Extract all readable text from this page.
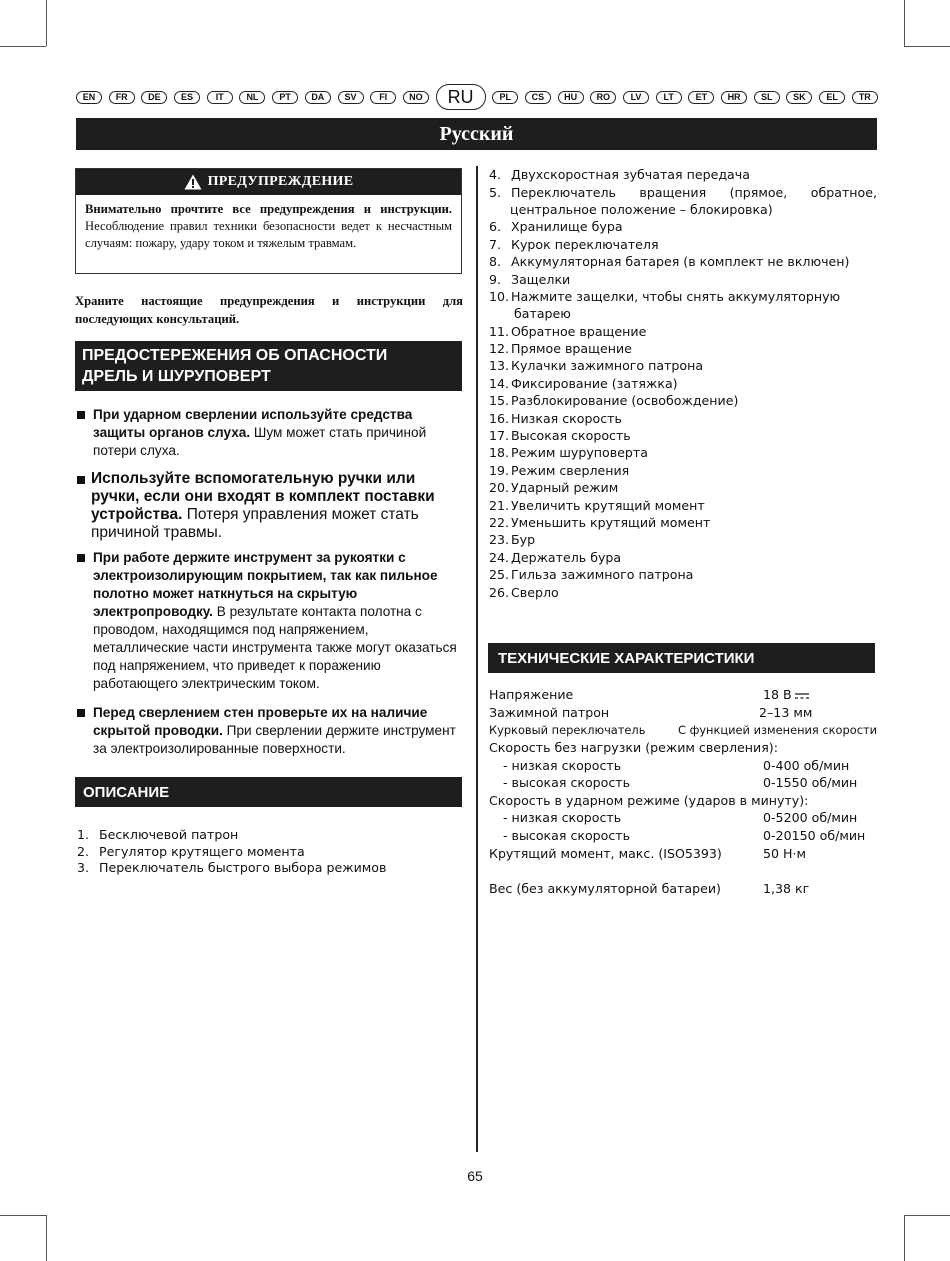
EN	FR	DE	ES	IT	NL	PT	DA	SV	FI	NO	RU	PL	CS	HU	RO	LV	LT	ET	HR	SL	SK	EL	TR
Русский
ПРЕДУПРЕЖДЕНИЕ
Внимательно прочтите все предупреждения и инструкции. Несоблюдение правил техники безопасности ведет к несчастным случаям: пожару, удару током и тяжелым травмам.
Храните настоящие предупреждения и инструкции для последующих консультаций.
ПРЕДОСТЕРЕЖЕНИЯ ОБ ОПАСНОСТИ
ДРЕЛЬ И ШУРУПОВЕРТ
При ударном сверлении используйте средства защиты органов слуха. Шум может стать причиной потери слуха.
Используйте вспомогательную ручки или ручки, если они входят в комплект поставки устройства. Потеря управления может стать причиной травмы.
При работе держите инструмент за рукоятки с электроизолирующим покрытием, так как пильное полотно может наткнуться на скрытую электропроводку. В результате контакта полотна с проводом, находящимся под напряжением, металлические части инструмента также могут оказаться под напряжением, что приведет к поражению работающего электрическим током.
Перед сверлением стен проверьте их на наличие скрытой проводки. При сверлении держите инструмент за электроизолированные поверхности.
ОПИСАНИЕ
1. Бесключевой патрон
2. Регулятор крутящего момента
3. Переключатель быстрого выбора режимов
4. Двухскоростная зубчатая передача
5. Переключатель вращения (прямое, обратное,
центральное положение – блокировка)
6. Хранилище бура
7. Курок переключателя
8. Аккумуляторная батарея (в комплект не включен)
9. Защелки
10. Нажмите защелки, чтобы снять аккумуляторную
батарею
11. Обратное вращение
12. Прямое вращение
13. Кулачки зажимного патрона
14. Фиксирование (затяжка)
15. Разблокирование (освобождение)
16. Низкая скорость
17. Высокая скорость
18. Режим шуруповерта
19. Режим сверления
20. Ударный режим
21. Увеличить крутящий момент
22. Уменьшить крутящий момент
23. Бур
24. Держатель бура
25. Гильза зажимного патрона
26. Сверло
ТЕХНИЧЕСКИЕ ХАРАКТЕРИСТИКИ
Напряжение	18 В
Зажимной патрон	2–13 мм
Курковый переключатель	С функцией изменения скорости
Скорость без нагрузки (режим сверления):
- низкая скорость	0-400 об/мин
- высокая скорость	0-1550 об/мин
Скорость в ударном режиме (ударов в минуту):
- низкая скорость	0-5200 об/мин
- высокая скорость	0-20150 об/мин
Крутящий момент, макс. (ISO5393)	50 Н·м
Вес (без аккумуляторной батареи)	1,38 кг
65
